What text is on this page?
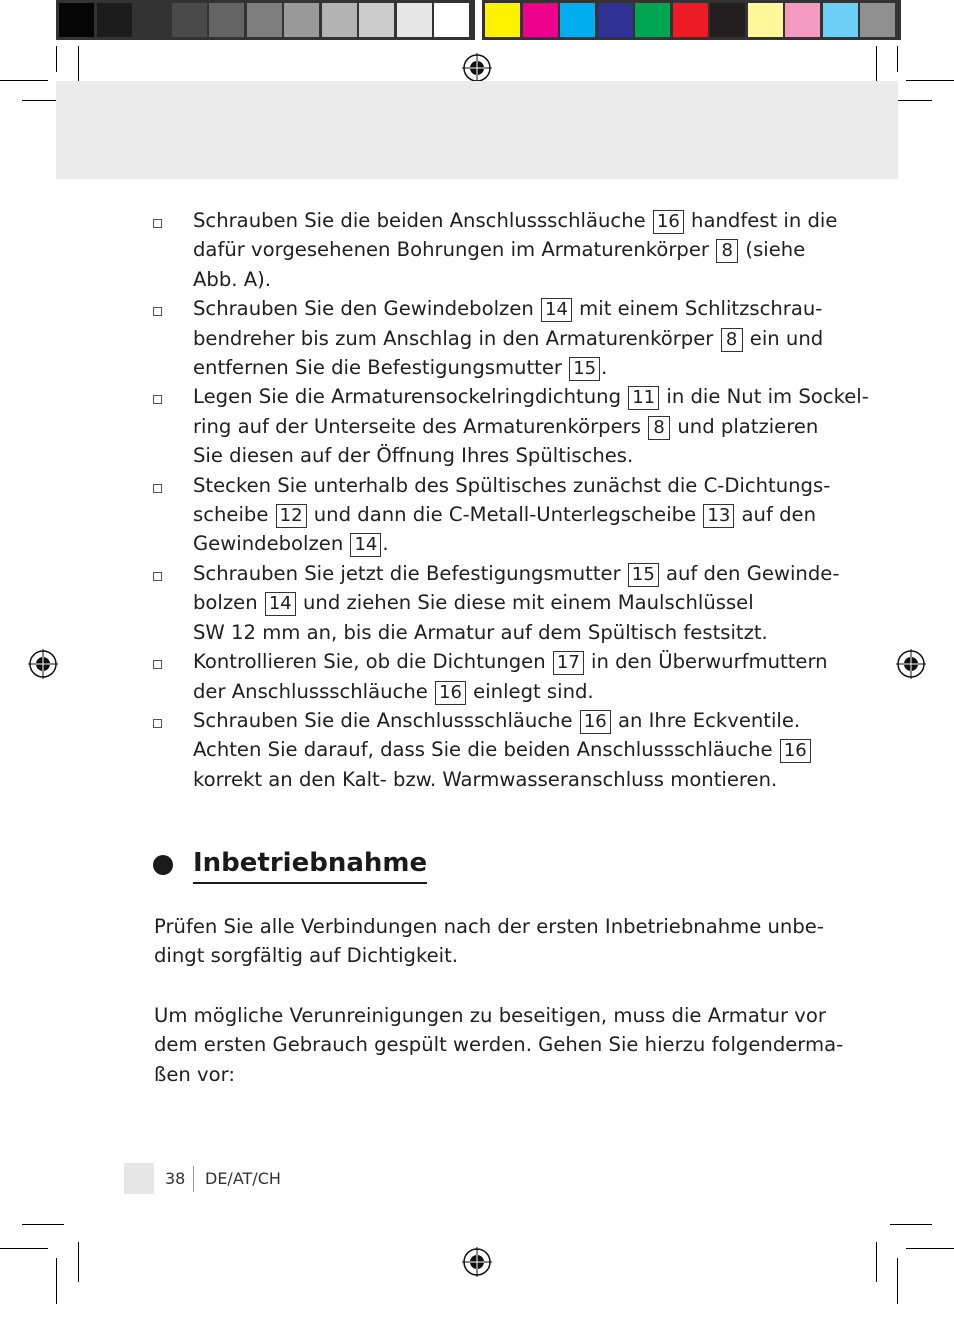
Schrauben Sie die beiden Anschlussschläuche 16 handfest in die
dafür vorgesehenen Bohrungen im Armaturenkörper 8 (siehe
Abb. A).
Schrauben Sie den Gewindebolzen 14 mit einem Schlitzschrau-
bendreher bis zum Anschlag in den Armaturenkörper 8 ein und
entfernen Sie die Befestigungsmutter 15 .
Legen Sie die Armaturensockelringdichtung 11 in die Nut im Sockel-
ring auf der Unterseite des Armaturenkörpers 8 und platzieren
Sie diesen auf der Öffnung Ihres Spültisches.
Stecken Sie unterhalb des Spültisches zunächst die C-Dichtungs-
scheibe 12 und dann die C-Metall-Unterlegscheibe 13 auf den
Gewindebolzen 14 .
Schrauben Sie jetzt die Befestigungsmutter 15 auf den Gewinde-
bolzen 14 und ziehen Sie diese mit einem Maulschlüssel
SW 12 mm an, bis die Armatur auf dem Spültisch festsitzt.
Kontrollieren Sie, ob die Dichtungen 17 in den Überwurfmuttern
der Anschlussschläuche 16 einlegt sind.
Schrauben Sie die Anschlussschläuche 16 an Ihre Eckventile.
Achten Sie darauf, dass Sie die beiden Anschlussschläuche 16
korrekt an den Kalt- bzw. Warmwasseranschluss montieren.
Inbetriebnahme

Prüfen Sie alle Verbindungen nach der ersten Inbetriebnahme unbe-
dingt sorgfältig auf Dichtigkeit.

Um mögliche Verunreinigungen zu beseitigen, muss die Armatur vor
dem ersten Gebrauch gespült werden. Gehen Sie hierzu folgenderma-
ßen vor:

38 DE/AT/CH
